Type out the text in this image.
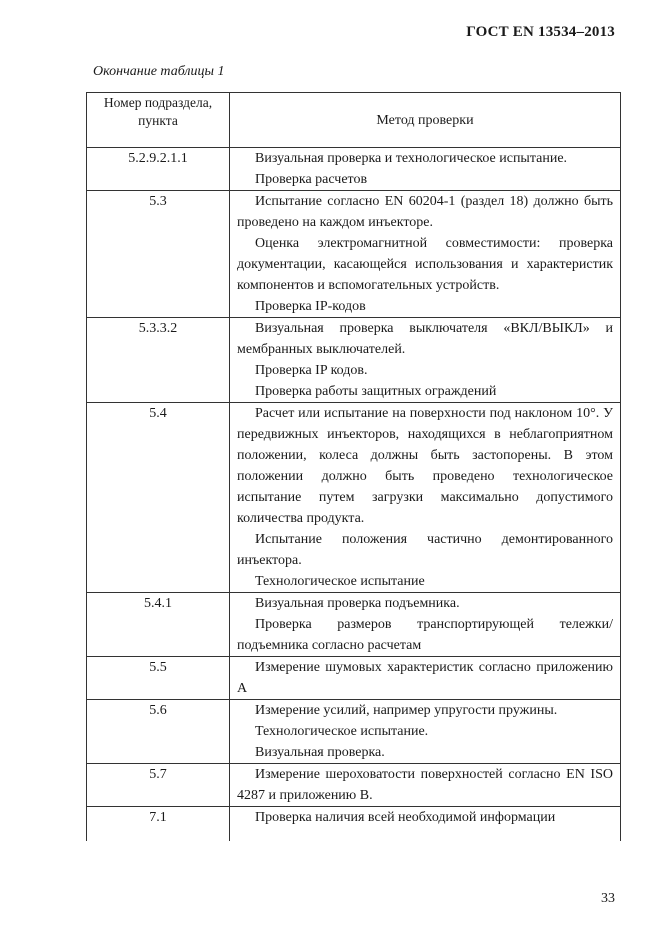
ГОСТ EN 13534–2013
Окончание таблицы 1
Номер подраздела, пункта	Метод проверки
5.2.9.2.1.1	Визуальная проверка и технологическое испытание.

Проверка расчетов

5.3	Испытание согласно EN 60204-1 (раздел 18) должно быть проведено на каждом инъекторе.

Оценка электромагнитной совместимости: проверка документации, касающейся использования и характеристик компонентов и вспомогательных устройств.

Проверка IP-кодов

5.3.3.2	Визуальная проверка выключателя «ВКЛ/ВЫКЛ» и мембранных выключателей.

Проверка IP кодов.

Проверка работы защитных ограждений

5.4	Расчет или испытание на поверхности под наклоном 10°. У передвижных инъекторов, находящихся в неблагоприятном положении, колеса должны быть застопорены. В этом положении должно быть проведено технологическое испытание путем загрузки максимально допустимого количества продукта.

Испытание положения частично демонтированного инъектора.

Технологическое испытание

5.4.1	Визуальная проверка подъемника.

Проверка размеров транспортирующей тележки/подъемника согласно расчетам

5.5	Измерение шумовых характеристик согласно приложению А

5.6	Измерение усилий, например упругости пружины.

Технологическое испытание.

Визуальная проверка.

5.7	Измерение шероховатости поверхностей согласно EN ISO 4287 и приложению В.

7.1	Проверка наличия всей необходимой информации

33
